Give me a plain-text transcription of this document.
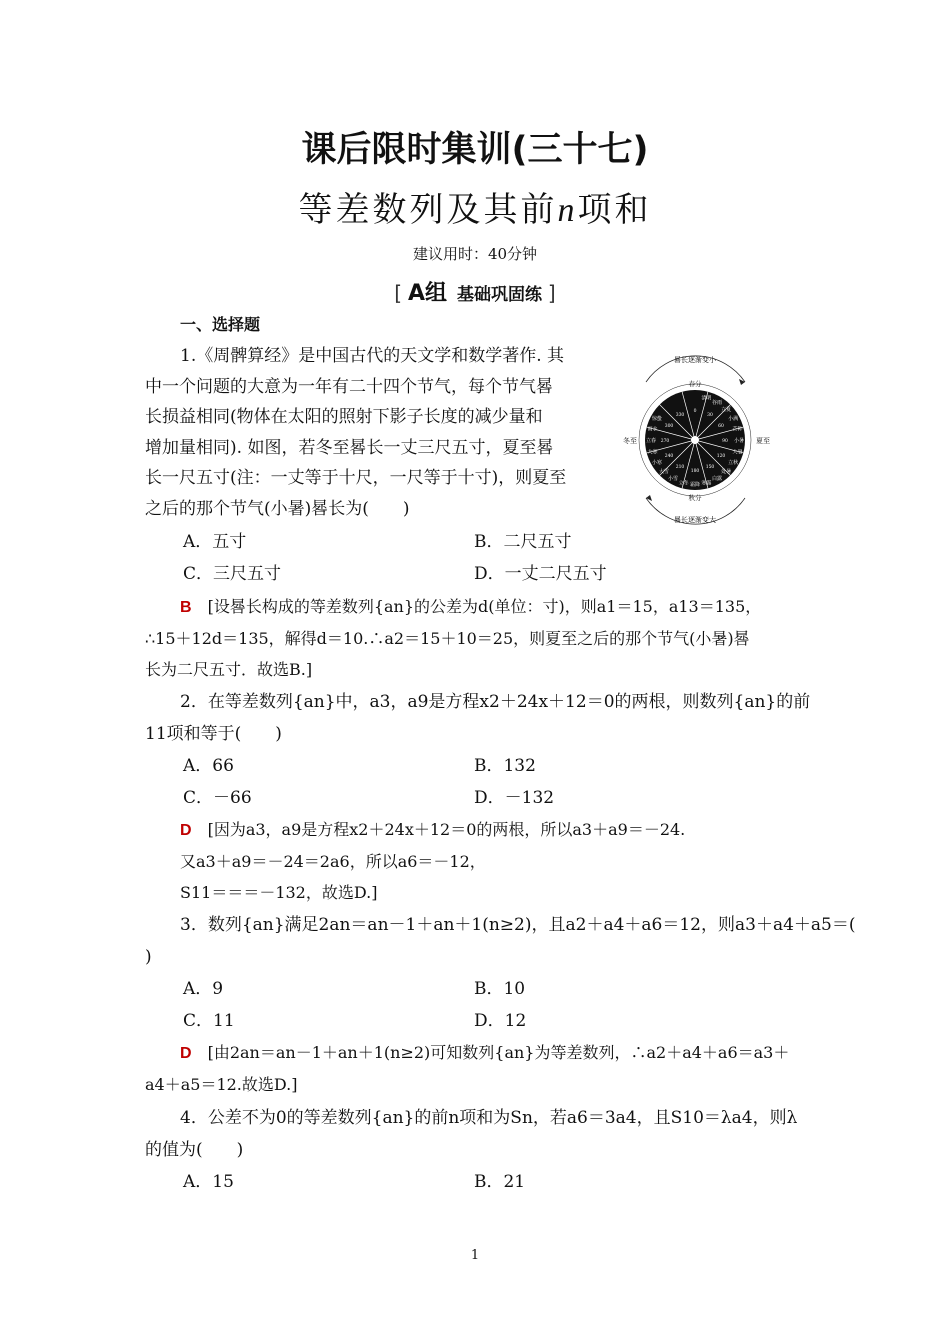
课后限时集训(三十七)
等差数列及其前n项和
建议用时：40分钟
[ A组 基础巩固练 ]
一、选择题
1.《周髀算经》是中国古代的天文学和数学著作. 其
中一个问题的大意为一年有二十四个节气，每个节气晷
长损益相同(物体在太阳的照射下影子长度的减少量和
增加量相同). 如图，若冬至晷长一丈三尺五寸，夏至晷
长一尺五寸(注：一丈等于十尺，一尺等于十寸)，则夏至
之后的那个节气(小暑)晷长为(　　)
晷长逐渐变小
春分
秋分
冬至	夏至
清明
谷雨
立夏
小满
芒种
小暑
大暑
立秋
处暑
白露
寒露
霜降
立冬
小雪
大雪
小寒
大寒
立春
雨水
惊蛰
0
30
60
90
120
150
180
210
240
270
300
330
晷长逐渐变大
A．五寸	B．二尺五寸
C．三尺五寸	D．一丈二尺五寸
B　 [设晷长构成的等差数列{an}的公差为d(单位：寸)，则a1＝15，a13＝135，
∴15＋12d＝135，解得d＝10.∴a2＝15＋10＝25，则夏至之后的那个节气(小暑)晷
长为二尺五寸．故选B.]
2．在等差数列{an}中，a3，a9是方程x2＋24x＋12＝0的两根，则数列{an}的前
11项和等于(　　)
A．66	B．132
C．－66	D．－132
D　 [因为a3，a9是方程x2＋24x＋12＝0的两根，所以a3＋a9＝－24.
又a3＋a9＝－24＝2a6，所以a6＝－12，
S11＝＝＝－132，故选D.]
3．数列{an}满足2an＝an－1＋an＋1(n≥2)，且a2＋a4＋a6＝12，则a3＋a4＋a5＝(
)
A．9	B．10
C．11	D．12
D　 [由2an＝an－1＋an＋1(n≥2)可知数列{an}为等差数列，∴a2＋a4＋a6＝a3＋
a4＋a5＝12.故选D.]
4．公差不为0的等差数列{an}的前n项和为Sn，若a6＝3a4，且S10＝λa4，则λ
的值为(　　)
A．15	B．21
1
